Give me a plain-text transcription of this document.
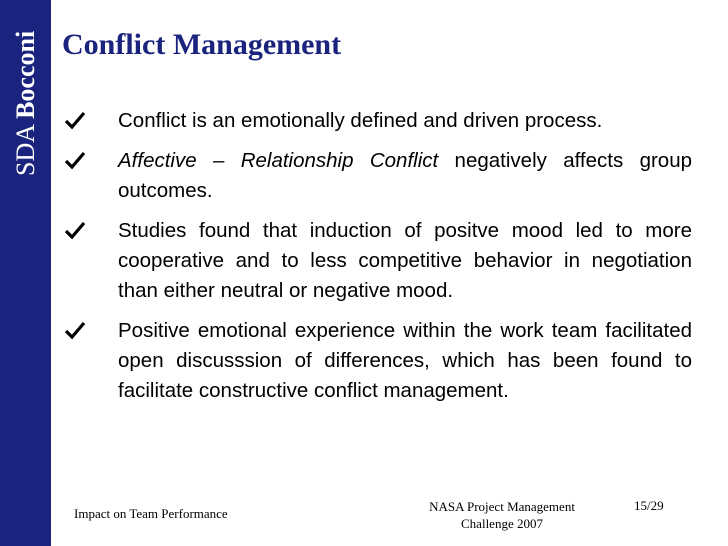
SDA Bocconi Conflict Management
Conflict is an emotionally defined and driven process.
Affective – Relationship Conflict negatively affects group outcomes.
Studies found that induction of positve mood led to more cooperative and to less competitive behavior in negotiation than either neutral or negative mood.
Positive emotional experience within the work team facilitated open discusssion of differences, which has been found to facilitate constructive conflict management.
Impact on Team Performance	NASA Project Management
Challenge 2007
15/29
